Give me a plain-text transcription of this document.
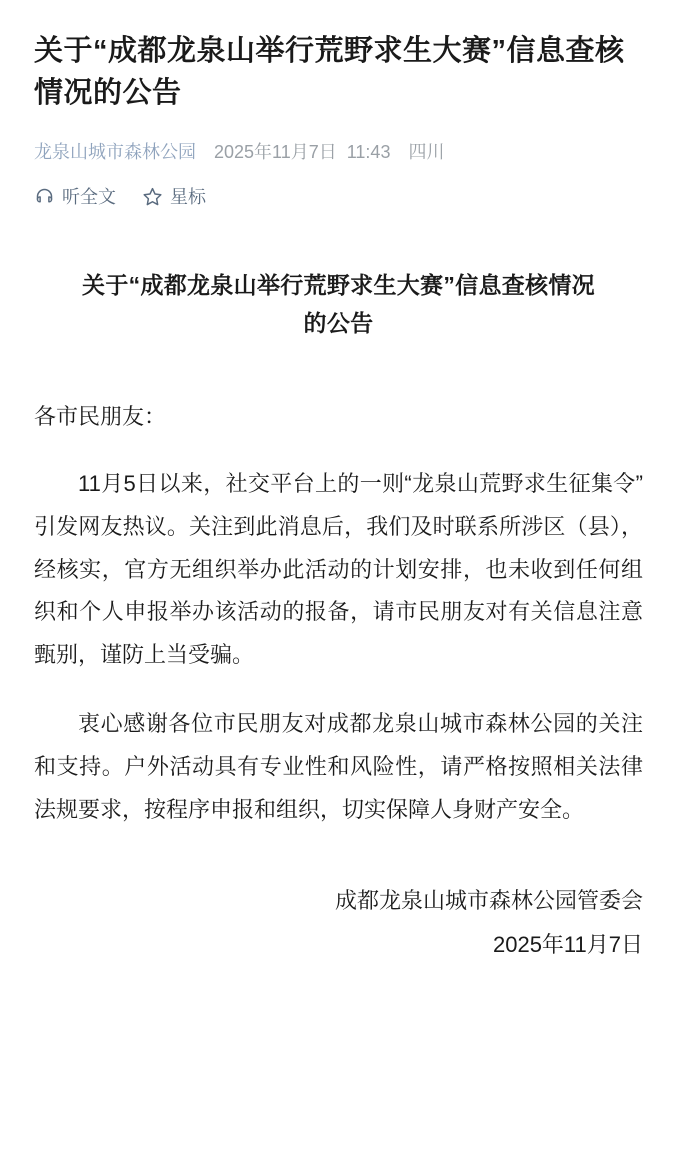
关于“成都龙泉山举行荒野求生大赛”信息查核情况的公告
龙泉山城市森林公园 2025年11月7日 11:43 四川
听全文	星标
关于“成都龙泉山举行荒野求生大赛”信息查核情况的公告
各市民朋友：

11月5日以来，社交平台上的一则“龙泉山荒野求生征集令”引发网友热议。关注到此消息后，我们及时联系所涉区（县），经核实，官方无组织举办此活动的计划安排，也未收到任何组织和个人申报举办该活动的报备，请市民朋友对有关信息注意甄别，谨防上当受骗。

衷心感谢各位市民朋友对成都龙泉山城市森林公园的关注和支持。户外活动具有专业性和风险性，请严格按照相关法律法规要求，按程序申报和组织，切实保障人身财产安全。

成都龙泉山城市森林公园管委会
2025年11月7日
